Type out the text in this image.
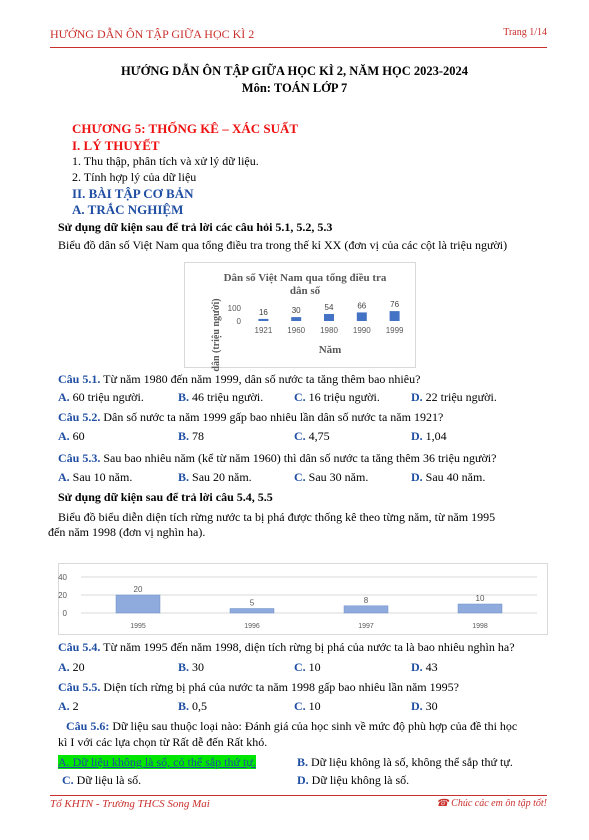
HƯỚNG DẪN ÔN TẬP GIỮA HỌC KÌ 2	Trang 1/14
HƯỚNG DẪN ÔN TẬP GIỮA HỌC KÌ 2, NĂM HỌC 2023-2024
Môn: TOÁN LỚP 7
CHƯƠNG 5: THỐNG KÊ – XÁC SUẤT
I. LÝ THUYẾT
1. Thu thập, phân tích và xử lý dữ liệu.
2. Tính hợp lý của dữ liệu
II. BÀI TẬP CƠ BẢN
A. TRẮC NGHIỆM
Sử dụng dữ kiện sau để trả lời các câu hỏi 5.1, 5.2, 5.3
Biểu đồ dân số Việt Nam qua tổng điều tra trong thế kỉ XX (đơn vị của các cột là triệu người)
Dân số Việt Nam qua tổng điều tra
dân số
Năm
dân (triệu người) 100
0
16
1921
30
1960
54
1980
66
1990
76
1999
Câu 5.1. Từ năm 1980 đến năm 1999, dân số nước ta tăng thêm bao nhiêu?
A. 60 triệu người.	B. 46 triệu người.	C. 16 triệu người.	D. 22 triệu người.
Câu 5.2. Dân số nước ta năm 1999 gấp bao nhiêu lần dân số nước ta năm 1921?
A. 60	B. 78	C. 4,75	D. 1,04
Câu 5.3. Sau bao nhiêu năm (kể từ năm 1960) thì dân số nước ta tăng thêm 36 triệu người?
A. Sau 10 năm.	B. Sau 20 năm.	C. Sau 30 năm.	D. Sau 40 năm.
Sử dụng dữ kiện sau để trả lời câu 5.4, 5.5
Biểu đồ biểu diễn diện tích rừng nước ta bị phá được thống kê theo từng năm, từ năm 1995
đến năm 1998 (đơn vị nghìn ha).
40
20
0
20
1995
5
1996
8
1997
10
1998
Câu 5.4. Từ năm 1995 đến năm 1998, diện tích rừng bị phá của nước ta là bao nhiêu nghìn ha?
A. 20	B. 30	C. 10	D. 43
Câu 5.5. Diện tích rừng bị phá của nước ta năm 1998 gấp bao nhiêu lần năm 1995?
A. 2	B. 0,5	C. 10	D. 30
Câu 5.6: Dữ liệu sau thuộc loại nào: Đánh giá của học sinh về mức độ phù hợp của đề thi học
kì I với các lựa chọn từ Rất dễ đến Rất khó.
A. Dữ liệu không là số, có thể sắp thứ tự.	B. Dữ liệu không là số, không thể sắp thứ tự.
C. Dữ liệu là số.	D. Dữ liệu không là số.
Tổ KHTN - Trường THCS Song Mai	☎ Chúc các em ôn tập tốt!
